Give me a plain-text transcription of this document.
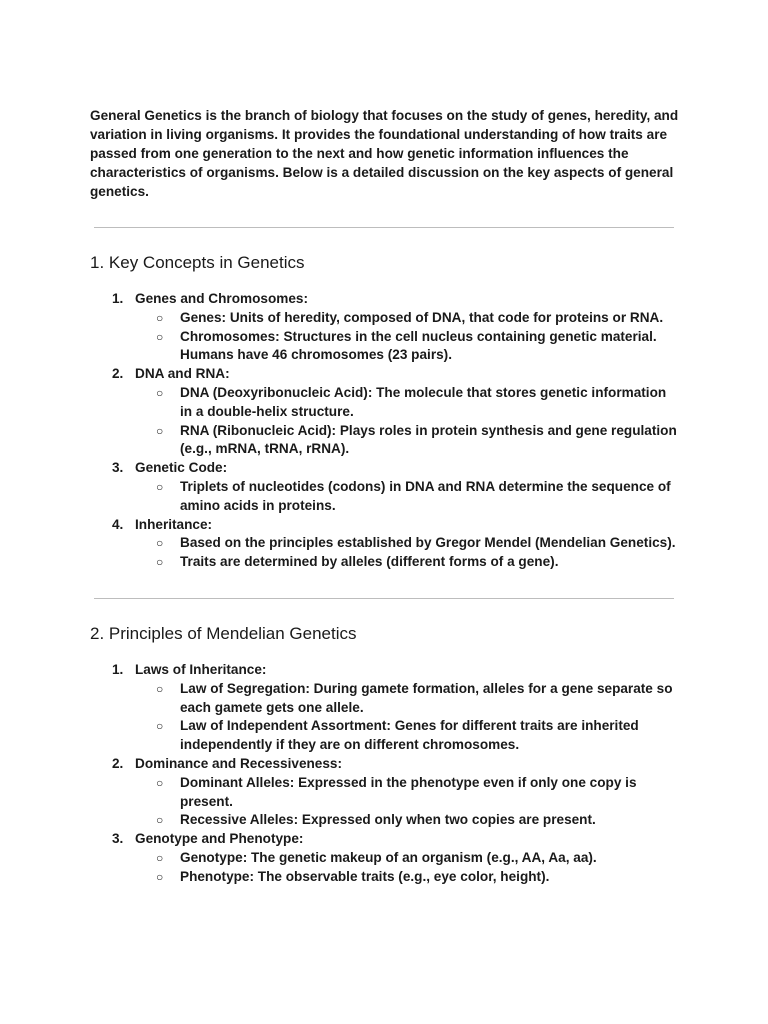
General Genetics is the branch of biology that focuses on the study of genes, heredity, and variation in living organisms. It provides the foundational understanding of how traits are passed from one generation to the next and how genetic information influences the characteristics of organisms. Below is a detailed discussion on the key aspects of general genetics.

1. Key Concepts in Genetics
1. Genes and Chromosomes:
○ Genes: Units of heredity, composed of DNA, that code for proteins or RNA.
○ Chromosomes: Structures in the cell nucleus containing genetic material. Humans have 46 chromosomes (23 pairs).
2. DNA and RNA:
○ DNA (Deoxyribonucleic Acid): The molecule that stores genetic information in a double-helix structure.
○ RNA (Ribonucleic Acid): Plays roles in protein synthesis and gene regulation (e.g., mRNA, tRNA, rRNA).
3. Genetic Code:
○ Triplets of nucleotides (codons) in DNA and RNA determine the sequence of amino acids in proteins.
4. Inheritance:
○ Based on the principles established by Gregor Mendel (Mendelian Genetics).
○ Traits are determined by alleles (different forms of a gene).
2. Principles of Mendelian Genetics
1. Laws of Inheritance:
○ Law of Segregation: During gamete formation, alleles for a gene separate so each gamete gets one allele.
○ Law of Independent Assortment: Genes for different traits are inherited independently if they are on different chromosomes.
2. Dominance and Recessiveness:
○ Dominant Alleles: Expressed in the phenotype even if only one copy is present.
○ Recessive Alleles: Expressed only when two copies are present.
3. Genotype and Phenotype:
○ Genotype: The genetic makeup of an organism (e.g., AA, Aa, aa).
○ Phenotype: The observable traits (e.g., eye color, height).
